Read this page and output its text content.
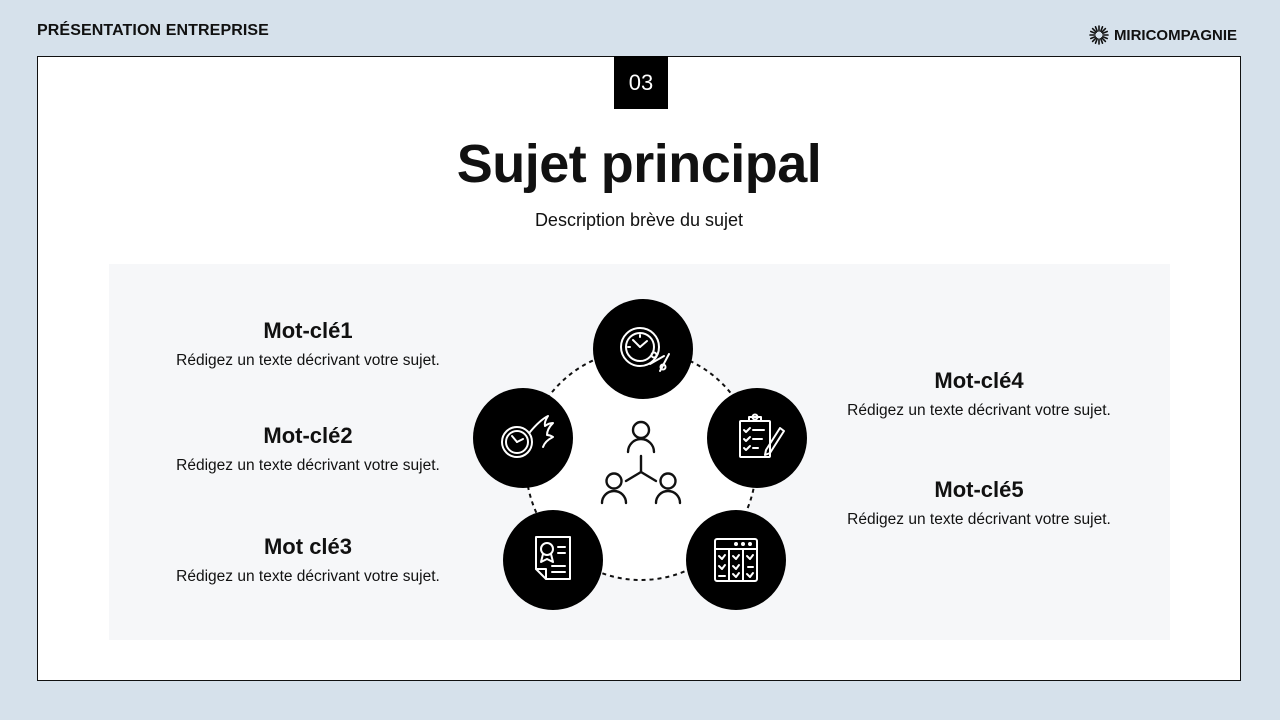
PRÉSENTATION ENTREPRISE	MIRICOMPAGNIE
03
Sujet principal

Description brève du sujet

Mot-clé1

Rédigez un texte décrivant votre sujet.

Mot-clé2

Rédigez un texte décrivant votre sujet.

Mot clé3

Rédigez un texte décrivant votre sujet.

Mot-clé4

Rédigez un texte décrivant votre sujet.

Mot-clé5

Rédigez un texte décrivant votre sujet.
